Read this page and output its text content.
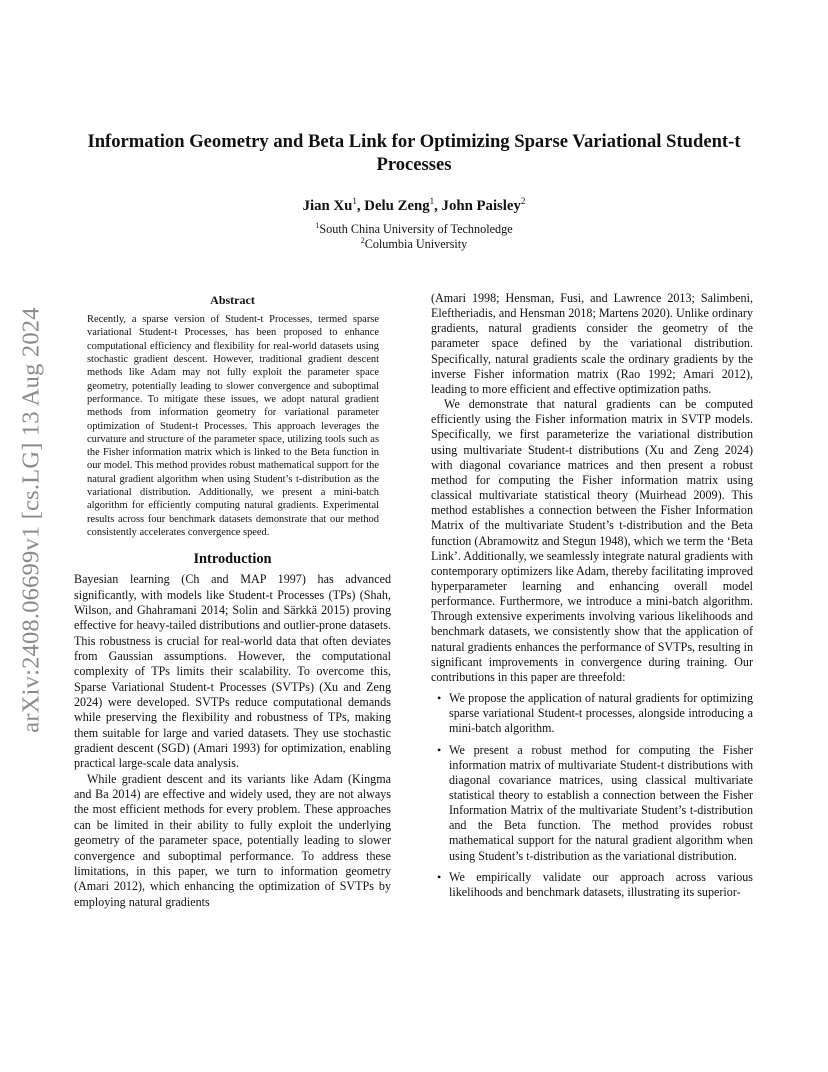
arXiv:2408.06699v1 [cs.LG] 13 Aug 2024
Information Geometry and Beta Link for Optimizing Sparse Variational Student-t Processes

Jian Xu$^1$, Delu Zeng$^1$, John Paisley$^2$

$^1$South China University of Technoledge

$^2$Columbia University

Abstract

Recently, a sparse version of Student-t Processes, termed sparse variational Student-t Processes, has been proposed to enhance computational efficiency and flexibility for real-world datasets using stochastic gradient descent. However, traditional gradient descent methods like Adam may not fully exploit the parameter space geometry, potentially leading to slower convergence and suboptimal performance. To mitigate these issues, we adopt natural gradient methods from information geometry for variational parameter optimization of Student-t Processes. This approach leverages the curvature and structure of the parameter space, utilizing tools such as the Fisher information matrix which is linked to the Beta function in our model. This method provides robust mathematical support for the natural gradient algorithm when using Student’s t-distribution as the variational distribution. Additionally, we present a mini-batch algorithm for efficiently computing natural gradients. Experimental results across four benchmark datasets demonstrate that our method consistently accelerates convergence speed.

Introduction

Bayesian learning (Ch and MAP 1997) has advanced significantly, with models like Student-t Processes (TPs) (Shah, Wilson, and Ghahramani 2014; Solin and Särkkä 2015) proving effective for heavy-tailed distributions and outlier-prone datasets. This robustness is crucial for real-world data that often deviates from Gaussian assumptions. However, the computational complexity of TPs limits their scalability. To overcome this, Sparse Variational Student-t Processes (SVTPs) (Xu and Zeng 2024) were developed. SVTPs reduce computational demands while preserving the flexibility and robustness of TPs, making them suitable for large and varied datasets. They use stochastic gradient descent (SGD) (Amari 1993) for optimization, enabling practical large-scale data analysis.

While gradient descent and its variants like Adam (Kingma and Ba 2014) are effective and widely used, they are not always the most efficient methods for every problem. These approaches can be limited in their ability to fully exploit the underlying geometry of the parameter space, potentially leading to slower convergence and suboptimal performance. To address these limitations, in this paper, we turn to information geometry (Amari 2012), which enhancing the optimization of SVTPs by employing natural gradients

(Amari 1998; Hensman, Fusi, and Lawrence 2013; Salimbeni, Eleftheriadis, and Hensman 2018; Martens 2020). Unlike ordinary gradients, natural gradients consider the geometry of the parameter space defined by the variational distribution. Specifically, natural gradients scale the ordinary gradients by the inverse Fisher information matrix (Rao 1992; Amari 2012), leading to more efficient and effective optimization paths.

We demonstrate that natural gradients can be computed efficiently using the Fisher information matrix in SVTP models. Specifically, we first parameterize the variational distribution using multivariate Student-t distributions (Xu and Zeng 2024) with diagonal covariance matrices and then present a robust method for computing the Fisher information matrix using classical multivariate statistical theory (Muirhead 2009). This method establishes a connection between the Fisher Information Matrix of the multivariate Student’s t-distribution and the Beta function (Abramowitz and Stegun 1948), which we term the ‘Beta Link’. Additionally, we seamlessly integrate natural gradients with contemporary optimizers like Adam, thereby facilitating improved hyperparameter learning and enhancing overall model performance. Furthermore, we introduce a mini-batch algorithm. Through extensive experiments involving various likelihoods and benchmark datasets, we consistently show that the application of natural gradients enhances the performance of SVTPs, resulting in significant improvements in convergence during training. Our contributions in this paper are threefold:

• We propose the application of natural gradients for optimizing sparse variational Student-t processes, alongside introducing a mini-batch algorithm.
• We present a robust method for computing the Fisher information matrix of multivariate Student-t distributions with diagonal covariance matrices, using classical multivariate statistical theory to establish a connection between the Fisher Information Matrix of the multivariate Student’s t-distribution and the Beta function. The method provides robust mathematical support for the natural gradient algorithm when using Student’s t-distribution as the variational distribution.
• We empirically validate our approach across various likelihoods and benchmark datasets, illustrating its superior-
